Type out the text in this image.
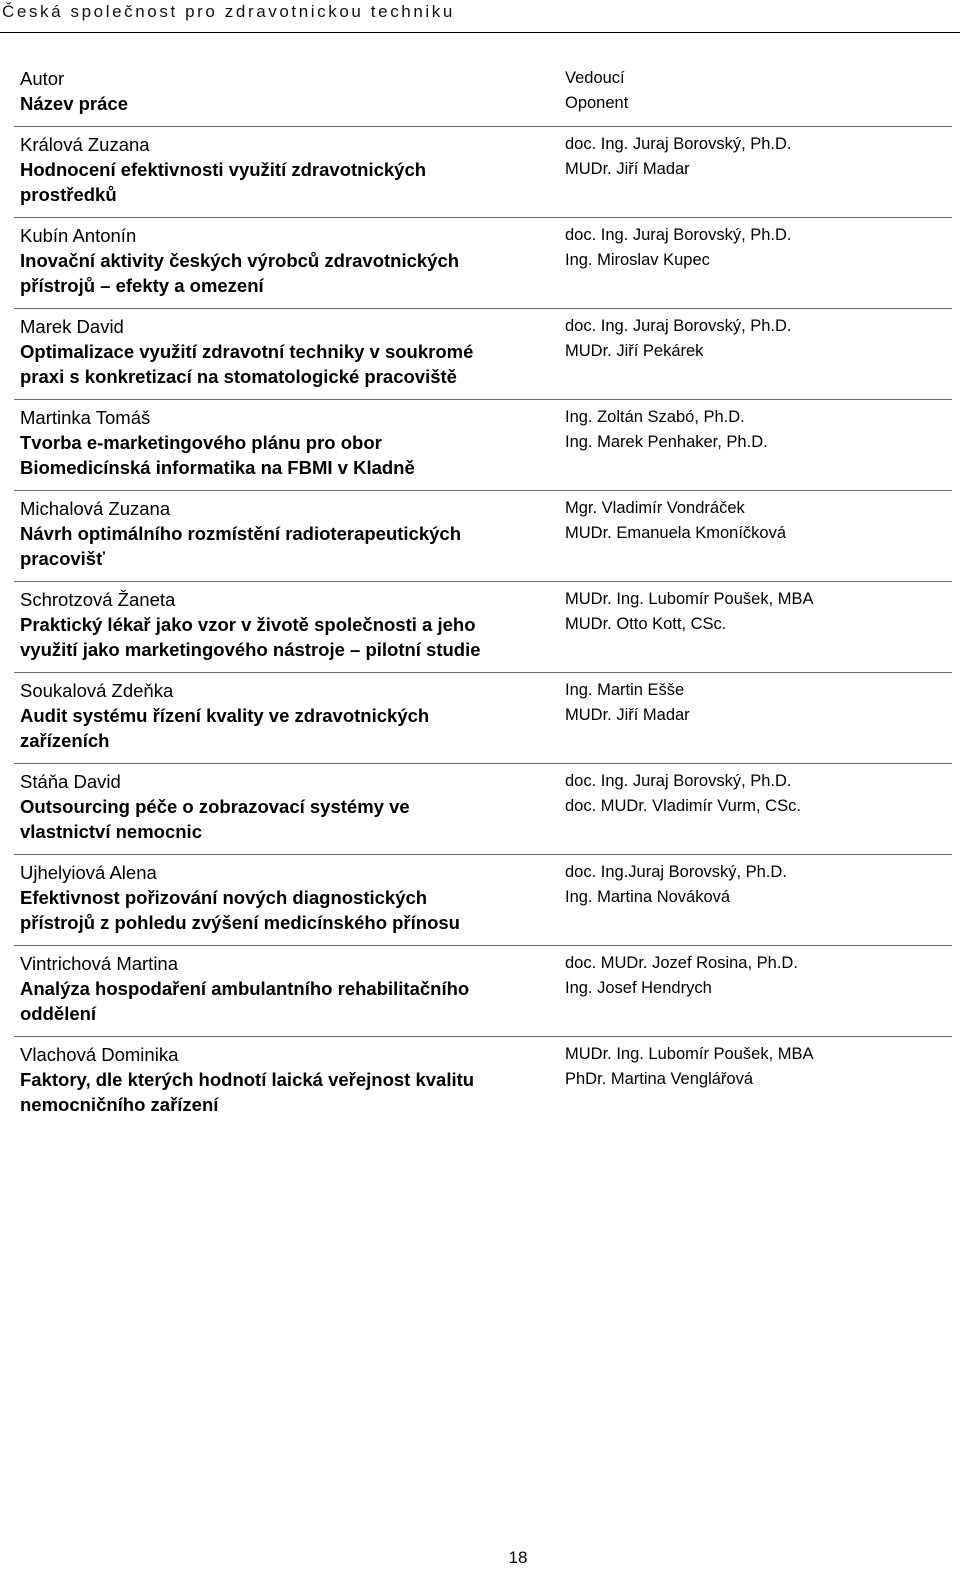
Česká společnost pro zdravotnickou techniku
Autor
Název práce
Vedoucí
Oponent
Králová Zuzana
Hodnocení efektivnosti využití zdravotnických
prostředků
doc. Ing. Juraj Borovský, Ph.D.
MUDr. Jiří Madar
Kubín Antonín
Inovační aktivity českých výrobců zdravotnických
přístrojů – efekty a omezení
doc. Ing. Juraj Borovský, Ph.D.
Ing. Miroslav Kupec
Marek David
Optimalizace využití zdravotní techniky v soukromé
praxi s konkretizací na stomatologické pracoviště
doc. Ing. Juraj Borovský, Ph.D.
MUDr. Jiří Pekárek
Martinka Tomáš
Tvorba e-marketingového plánu pro obor
Biomedicínská informatika na FBMI v Kladně
Ing. Zoltán Szabó, Ph.D.
Ing. Marek Penhaker, Ph.D.
Michalová Zuzana
Návrh optimálního rozmístění radioterapeutických
pracovišť
Mgr. Vladimír Vondráček
MUDr. Emanuela Kmoníčková
Schrotzová Žaneta
Praktický lékař jako vzor v životě společnosti a jeho
využití jako marketingového nástroje – pilotní studie
MUDr. Ing. Lubomír Poušek, MBA
MUDr. Otto Kott, CSc.
Soukalová Zdeňka
Audit systému řízení kvality ve zdravotnických
zařízeních
Ing. Martin Ešše
MUDr. Jiří Madar
Stáňa David
Outsourcing péče o zobrazovací systémy ve
vlastnictví nemocnic
doc. Ing. Juraj Borovský, Ph.D.
doc. MUDr. Vladimír Vurm, CSc.
Ujhelyiová Alena
Efektivnost pořizování nových diagnostických
přístrojů z pohledu zvýšení medicínského přínosu
doc. Ing.Juraj Borovský, Ph.D.
Ing. Martina Nováková
Vintrichová Martina
Analýza hospodaření ambulantního rehabilitačního
oddělení
doc. MUDr. Jozef Rosina, Ph.D.
Ing. Josef Hendrych
Vlachová Dominika
Faktory, dle kterých hodnotí laická veřejnost kvalitu
nemocničního zařízení
MUDr. Ing. Lubomír Poušek, MBA
PhDr. Martina Venglářová
18
